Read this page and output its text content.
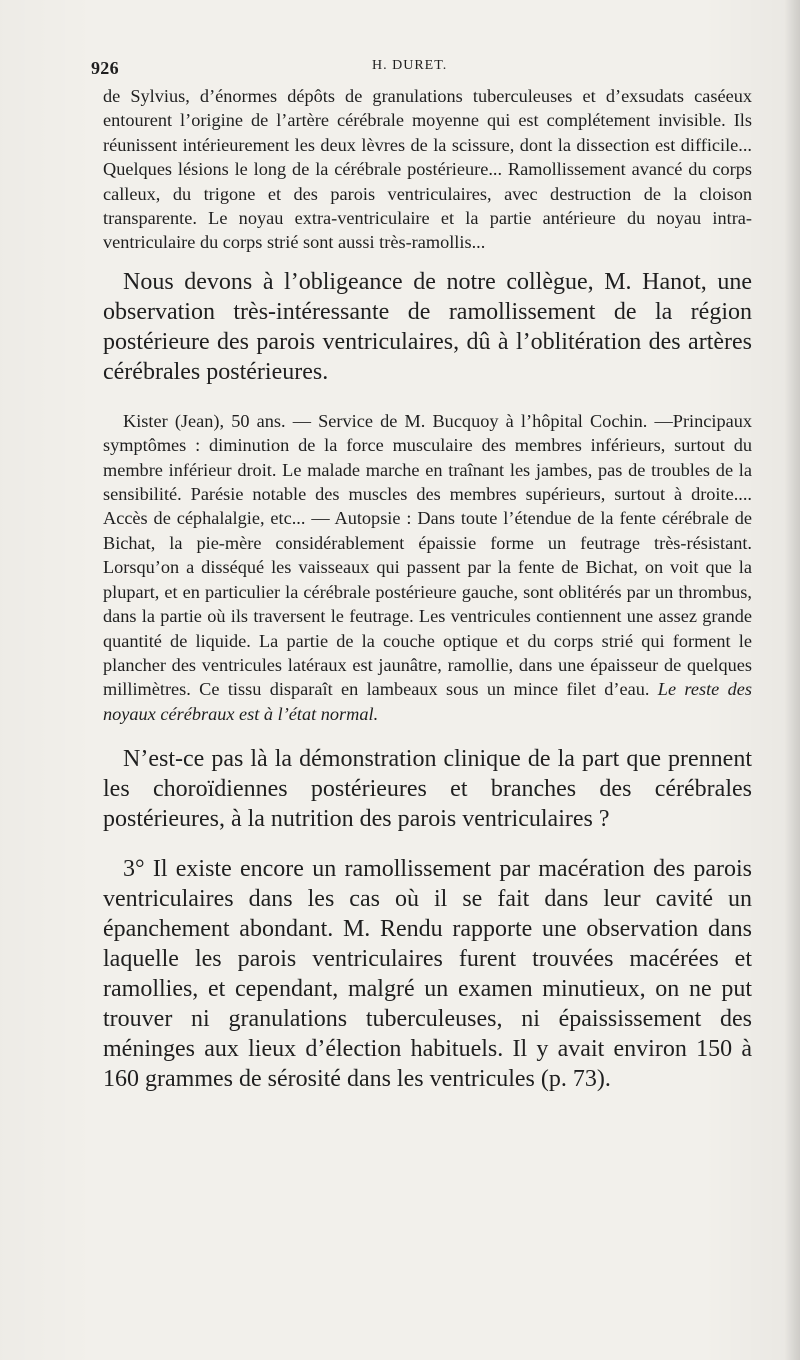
926	H. DURET.

de Sylvius, d’énormes dépôts de granulations tuberculeuses et d’exsudats caséeux entourent l’origine de l’artère cérébrale moyenne qui est complétement invisible. Ils réunissent intérieurement les deux lèvres de la scissure, dont la dissection est difficile... Quelques lésions le long de la cérébrale postérieure... Ramollissement avancé du corps calleux, du trigone et des parois ventriculaires, avec destruction de la cloison transparente. Le noyau extra-ventriculaire et la partie antérieure du noyau intra-ventriculaire du corps strié sont aussi très-ramollis...

Nous devons à l’obligeance de notre collègue, M. Hanot, une observation très-intéressante de ramollissement de la région postérieure des parois ventriculaires, dû à l’oblitération des artères cérébrales postérieures.

Kister (Jean), 50 ans. — Service de M. Bucquoy à l’hôpital Cochin. —Principaux symptômes : diminution de la force musculaire des membres inférieurs, surtout du membre inférieur droit. Le malade marche en traînant les jambes, pas de troubles de la sensibilité. Parésie notable des muscles des membres supérieurs, surtout à droite.... Accès de céphalalgie, etc... — Autopsie : Dans toute l’étendue de la fente cérébrale de Bichat, la pie-mère considérablement épaissie forme un feutrage très-résistant. Lorsqu’on a disséqué les vaisseaux qui passent par la fente de Bichat, on voit que la plupart, et en particulier la cérébrale postérieure gauche, sont oblitérés par un thrombus, dans la partie où ils traversent le feutrage. Les ventricules contiennent une assez grande quantité de liquide. La partie de la couche optique et du corps strié qui forment le plancher des ventricules latéraux est jaunâtre, ramollie, dans une épaisseur de quelques millimètres. Ce tissu disparaît en lambeaux sous un mince filet d’eau. Le reste des noyaux cérébraux est à l’état normal.

N’est-ce pas là la démonstration clinique de la part que prennent les choroïdiennes postérieures et branches des cérébrales postérieures, à la nutrition des parois ventriculaires ?

3° Il existe encore un ramollissement par macération des parois ventriculaires dans les cas où il se fait dans leur cavité un épanchement abondant. M. Rendu rapporte une observation dans laquelle les parois ventriculaires furent trouvées macérées et ramollies, et cependant, malgré un examen minutieux, on ne put trouver ni granulations tuberculeuses, ni épaississement des méninges aux lieux d’élection habituels. Il y avait environ 150 à 160 grammes de sérosité dans les ventricules (p. 73).
